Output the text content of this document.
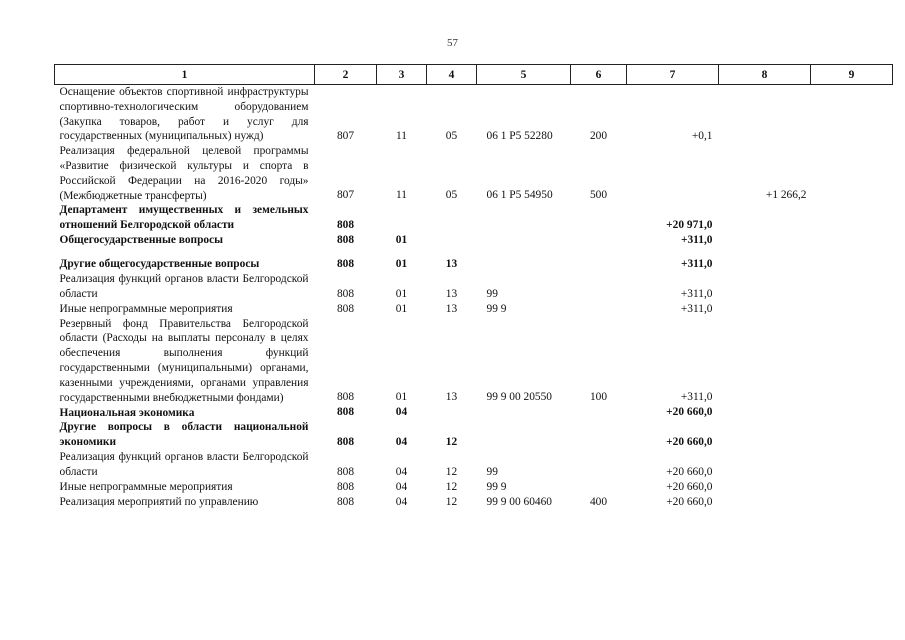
57
1	2	3	4	5	6	7	8	9
Оснащение объектов спортивной инфраструктуры спортивно-технологическим оборудованием (Закупка товаров, работ и услуг для государственных (муниципальных) нужд)	807	11	05	06 1 P5 52280	200	+0,1		
Реализация федеральной целевой программы «Развитие физической культуры и спорта в Российской Федерации на 2016-2020 годы» (Межбюджетные трансферты)	807	11	05	06 1 P5 54950	500		+1 266,2	
Департамент имущественных и земельных отношений Белгородской области	808					+20 971,0		
Общегосударственные вопросы	808	01				+311,0		

Другие общегосударственные вопросы	808	01	13			+311,0		
Реализация функций органов власти Белгородской области	808	01	13	99		+311,0		
Иные непрограммные мероприятия	808	01	13	99 9		+311,0		
Резервный фонд Правительства Белгородской области (Расходы на выплаты персоналу в целях обеспечения выполнения функций государственными (муниципальными) органами, казенными учреждениями, органами управления государственными внебюджетными фондами)	808	01	13	99 9 00 20550	100	+311,0		
Национальная экономика	808	04				+20 660,0		
Другие вопросы в области национальной экономики	808	04	12			+20 660,0		
Реализация функций органов власти Белгородской области	808	04	12	99		+20 660,0		
Иные непрограммные мероприятия	808	04	12	99 9		+20 660,0		
Реализация мероприятий по управлению	808	04	12	99 9 00 60460	400	+20 660,0		
